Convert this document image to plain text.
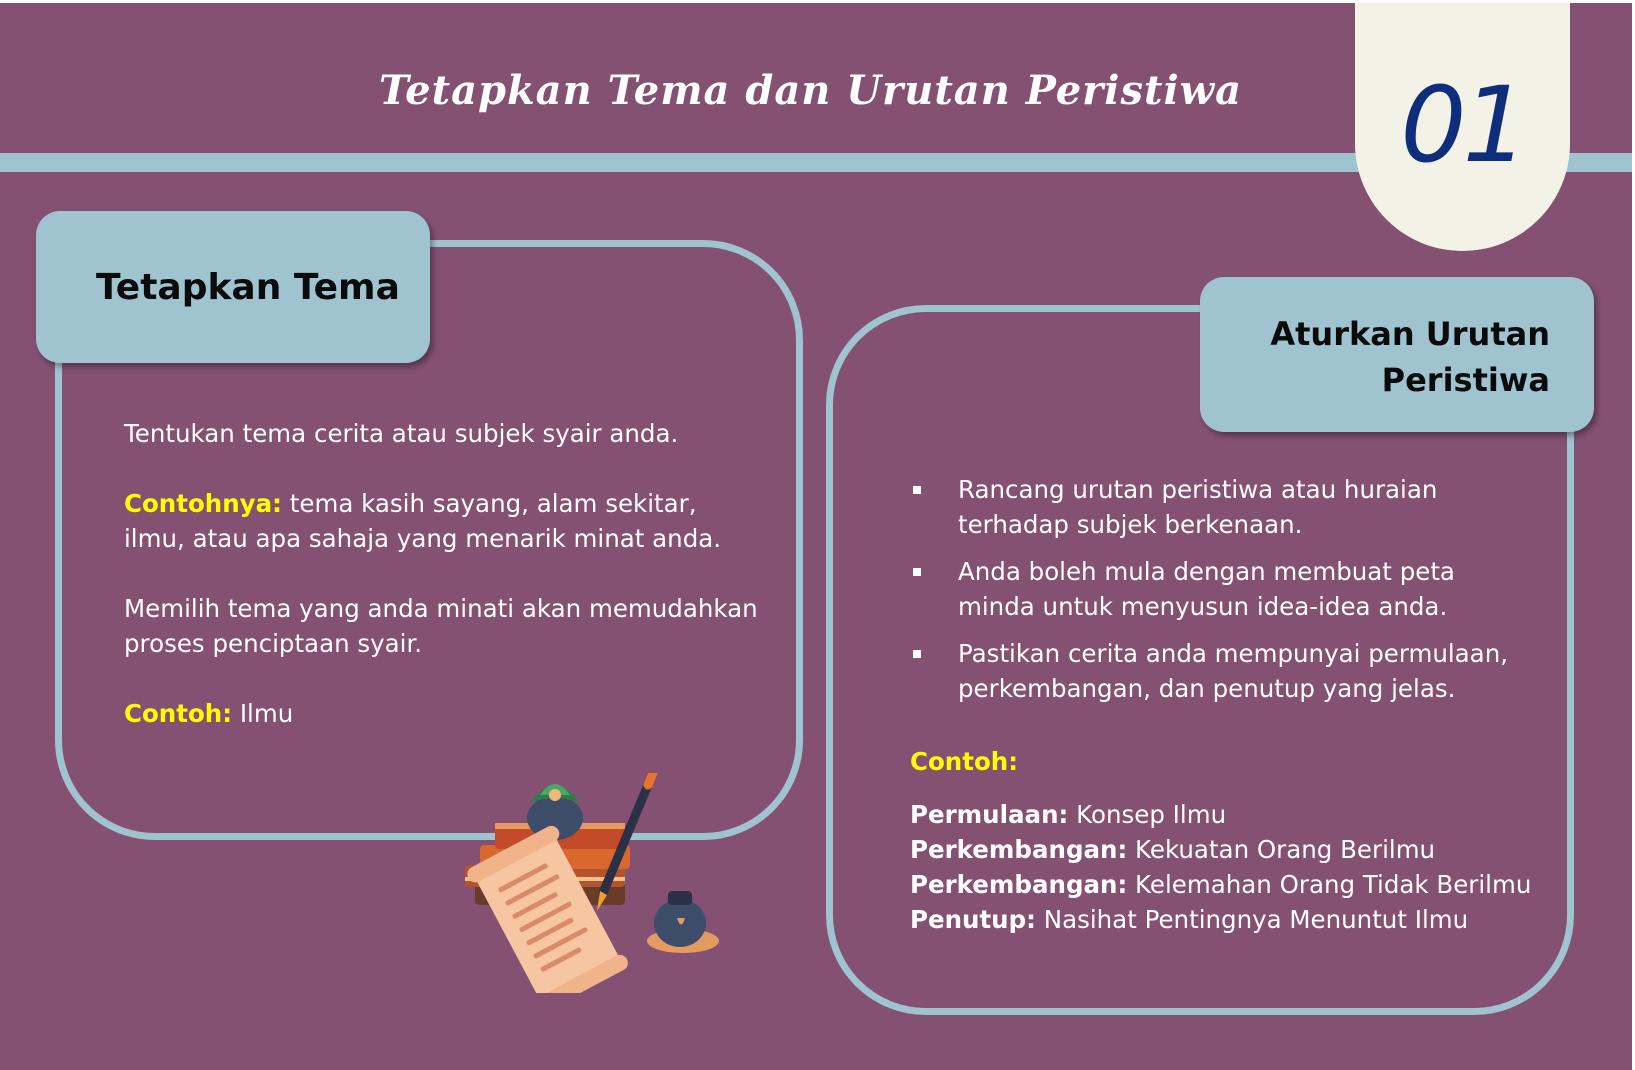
Tetapkan Tema dan Urutan Peristiwa 01
Tetapkan Tema
Aturkan Urutan
Peristiwa

Tentukan tema cerita atau subjek syair anda.

Contohnya: tema kasih sayang, alam sekitar, ilmu, atau apa sahaja yang menarik minat anda.

Memilih tema yang anda minati akan memudahkan proses penciptaan syair.

Contoh: Ilmu

Rancang urutan peristiwa atau huraian terhadap subjek berkenaan.
Anda boleh mula dengan membuat peta minda untuk menyusun idea-idea anda.
Pastikan cerita anda mempunyai permulaan, perkembangan, dan penutup yang jelas.
Contoh:
Permulaan: Konsep Ilmu
Perkembangan: Kekuatan Orang Berilmu
Perkembangan: Kelemahan Orang Tidak Berilmu
Penutup: Nasihat Pentingnya Menuntut Ilmu
